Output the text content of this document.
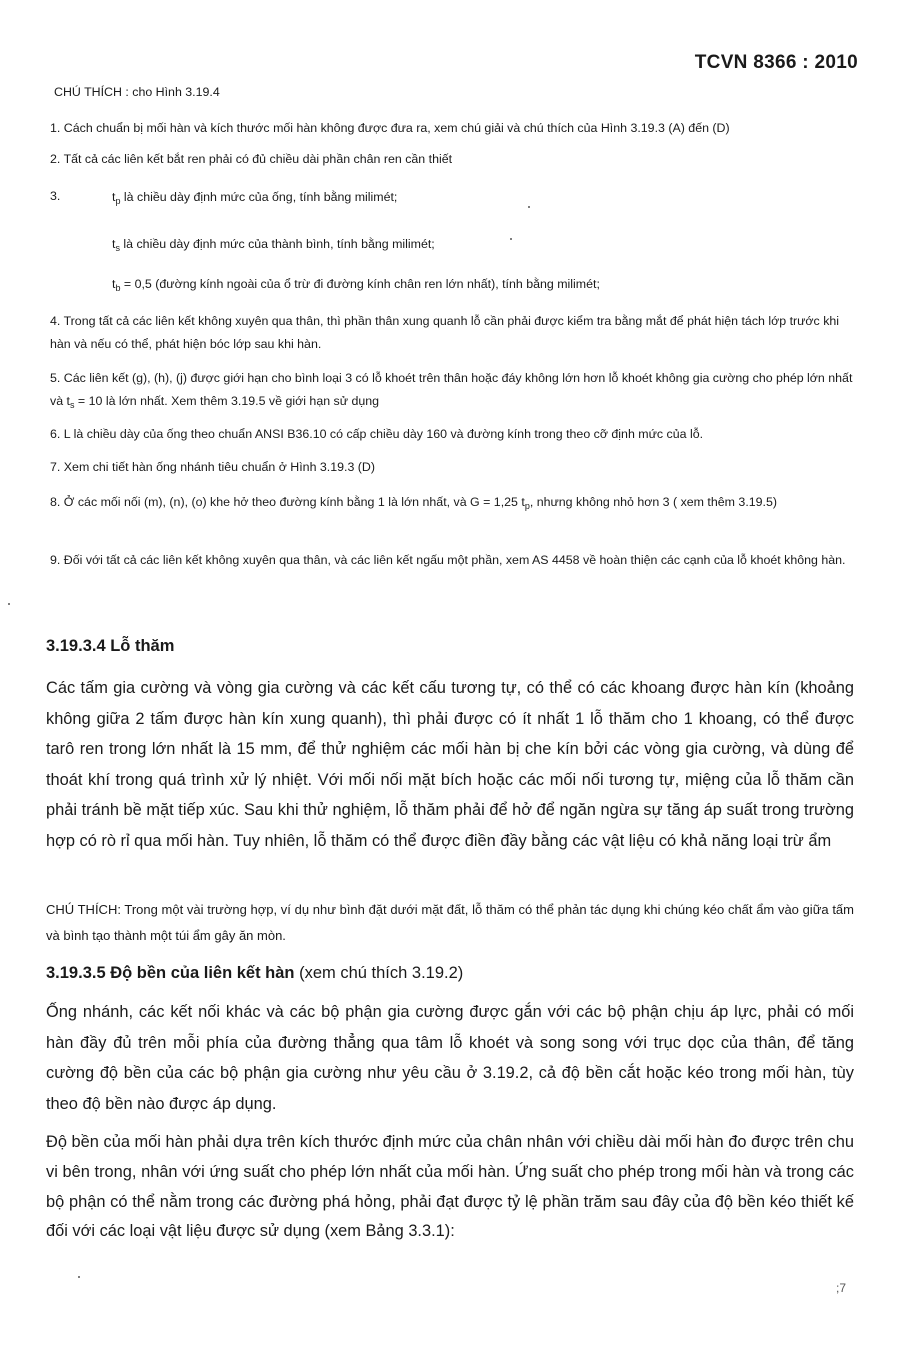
TCVN 8366 : 2010
CHÚ THÍCH : cho Hình 3.19.4
1. Cách chuẩn bị mối hàn và kích thước mối hàn không được đưa ra, xem chú giải và chú thích của Hình 3.19.3 (A) đến (D)
2. Tất cả các liên kết bắt ren phải có đủ chiều dài phần chân ren cần thiết
3.	$t_p$ là chiều dày định mức của ống, tính bằng milimét;
$t_s$ là chiều dày định mức của thành bình, tính bằng milimét;
$t_b = 0,5$ (đường kính ngoài của ổ trừ đi đường kính chân ren lớn nhất), tính bằng milimét;
4. Trong tất cả các liên kết không xuyên qua thân, thì phần thân xung quanh lỗ cần phải được kiểm tra bằng mắt để phát hiện tách lớp trước khi hàn và nếu có thể, phát hiện bóc lớp sau khi hàn.
5. Các liên kết (g), (h), (j) được giới hạn cho bình loại 3 có lỗ khoét trên thân hoặc đáy không lớn hơn lỗ khoét không gia cường cho phép lớn nhất và $t_s = 10$ là lớn nhất. Xem thêm 3.19.5 về giới hạn sử dụng
6. L là chiều dày của ống theo chuẩn ANSI B36.10 có cấp chiều dày 160 và đường kính trong theo cỡ định mức của lỗ.
7. Xem chi tiết hàn ống nhánh tiêu chuẩn ở Hình 3.19.3 (D)
8. Ở các mối nối (m), (n), (o) khe hở theo đường kính bằng 1 là lớn nhất, và G = 1,25 $t_p$, nhưng không nhỏ hơn 3 ( xem thêm 3.19.5)
9. Đối với tất cả các liên kết không xuyên qua thân, và các liên kết ngấu một phần, xem AS 4458 về hoàn thiện các cạnh của lỗ khoét không hàn.
3.19.3.4 Lỗ thăm
Các tấm gia cường và vòng gia cường và các kết cấu tương tự, có thể có các khoang được hàn kín (khoảng không giữa 2 tấm được hàn kín xung quanh), thì phải được có ít nhất 1 lỗ thăm cho 1 khoang, có thể được tarô ren trong lớn nhất là 15 mm, để thử nghiệm các mối hàn bị che kín bởi các vòng gia cường, và dùng để thoát khí trong quá trình xử lý nhiệt. Với mối nối mặt bích hoặc các mối nối tương tự, miệng của lỗ thăm cần phải tránh bề mặt tiếp xúc. Sau khi thử nghiệm, lỗ thăm phải để hở để ngăn ngừa sự tăng áp suất trong trường hợp có rò rỉ qua mối hàn. Tuy nhiên, lỗ thăm có thể được điền đầy bằng các vật liệu có khả năng loại trừ ẩm
CHÚ THÍCH: Trong một vài trường hợp, ví dụ như bình đặt dưới mặt đất, lỗ thăm có thể phản tác dụng khi chúng kéo chất ẩm vào giữa tấm và bình tạo thành một túi ẩm gây ăn mòn.
3.19.3.5 Độ bền của liên kết hàn (xem chú thích 3.19.2)
Ống nhánh, các kết nối khác và các bộ phận gia cường được gắn với các bộ phận chịu áp lực, phải có mối hàn đầy đủ trên mỗi phía của đường thẳng qua tâm lỗ khoét và song song với trục dọc của thân, để tăng cường độ bền của các bộ phận gia cường như yêu cầu ở 3.19.2, cả độ bền cắt hoặc kéo trong mối hàn, tùy theo độ bền nào được áp dụng.
Độ bền của mối hàn phải dựa trên kích thước định mức của chân nhân với chiều dài mối hàn đo được trên chu vi bên trong, nhân với ứng suất cho phép lớn nhất của mối hàn. Ứng suất cho phép trong mối hàn và trong các bộ phận có thể nằm trong các đường phá hỏng, phải đạt được tỷ lệ phần trăm sau đây của độ bền kéo thiết kế đối với các loại vật liệu được sử dụng (xem Bảng 3.3.1):
;7
